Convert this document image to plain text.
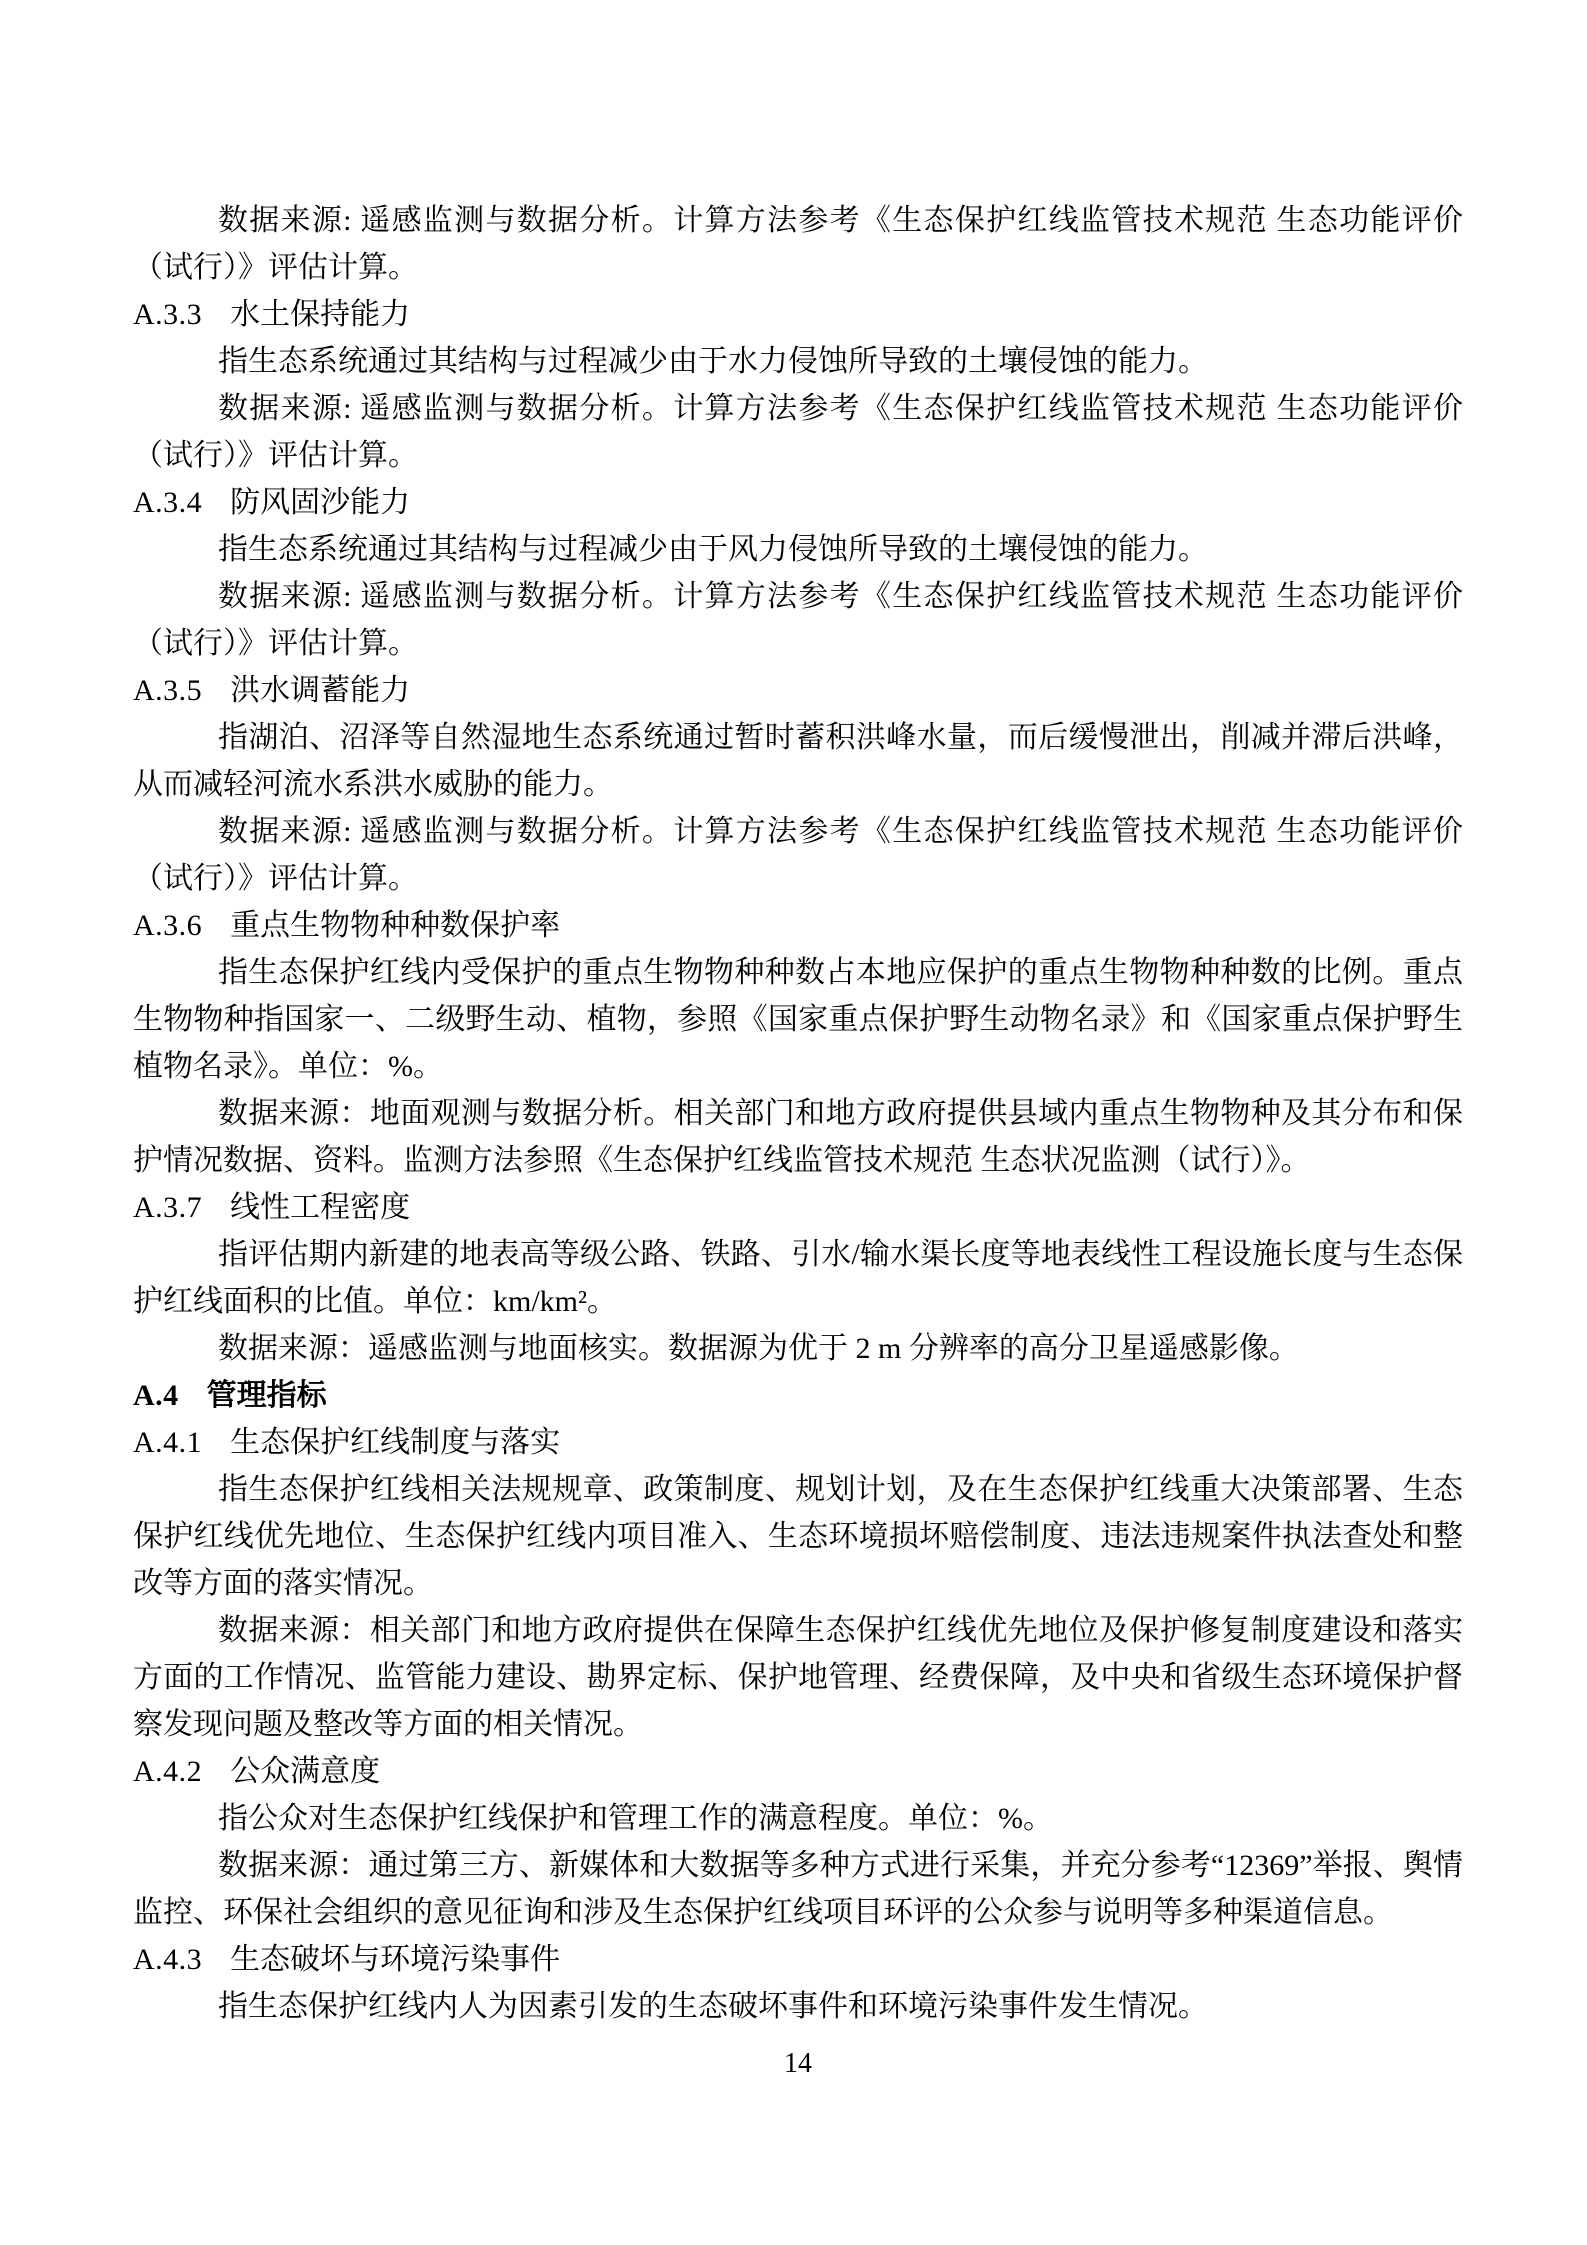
数据来源: 遥感监测与数据分析。计算方法参考《生态保护红线监管技术规范 生态功能评价（试行）》评估计算。

A.3.3 水土保持能力

指生态系统通过其结构与过程减少由于水力侵蚀所导致的土壤侵蚀的能力。

数据来源: 遥感监测与数据分析。计算方法参考《生态保护红线监管技术规范 生态功能评价（试行）》评估计算。

A.3.4 防风固沙能力

指生态系统通过其结构与过程减少由于风力侵蚀所导致的土壤侵蚀的能力。

数据来源: 遥感监测与数据分析。计算方法参考《生态保护红线监管技术规范 生态功能评价（试行）》评估计算。

A.3.5 洪水调蓄能力

指湖泊、沼泽等自然湿地生态系统通过暂时蓄积洪峰水量，而后缓慢泄出，削减并滞后洪峰，从而减轻河流水系洪水威胁的能力。

数据来源: 遥感监测与数据分析。计算方法参考《生态保护红线监管技术规范 生态功能评价（试行）》评估计算。

A.3.6 重点生物物种种数保护率

指生态保护红线内受保护的重点生物物种种数占本地应保护的重点生物物种种数的比例。重点生物物种指国家一、二级野生动、植物，参照《国家重点保护野生动物名录》和《国家重点保护野生植物名录》。单位：%。

数据来源：地面观测与数据分析。相关部门和地方政府提供县域内重点生物物种及其分布和保护情况数据、资料。监测方法参照《生态保护红线监管技术规范 生态状况监测（试行）》。

A.3.7 线性工程密度

指评估期内新建的地表高等级公路、铁路、引水/输水渠长度等地表线性工程设施长度与生态保护红线面积的比值。单位：km/km²。

数据来源：遥感监测与地面核实。数据源为优于 2 m 分辨率的高分卫星遥感影像。

A.4 管理指标
A.4.1 生态保护红线制度与落实

指生态保护红线相关法规规章、政策制度、规划计划，及在生态保护红线重大决策部署、生态保护红线优先地位、生态保护红线内项目准入、生态环境损坏赔偿制度、违法违规案件执法查处和整改等方面的落实情况。

数据来源：相关部门和地方政府提供在保障生态保护红线优先地位及保护修复制度建设和落实方面的工作情况、监管能力建设、勘界定标、保护地管理、经费保障，及中央和省级生态环境保护督察发现问题及整改等方面的相关情况。

A.4.2 公众满意度

指公众对生态保护红线保护和管理工作的满意程度。单位：%。

数据来源：通过第三方、新媒体和大数据等多种方式进行采集，并充分参考“12369”举报、舆情监控、环保社会组织的意见征询和涉及生态保护红线项目环评的公众参与说明等多种渠道信息。

A.4.3 生态破坏与环境污染事件

指生态保护红线内人为因素引发的生态破坏事件和环境污染事件发生情况。

14
